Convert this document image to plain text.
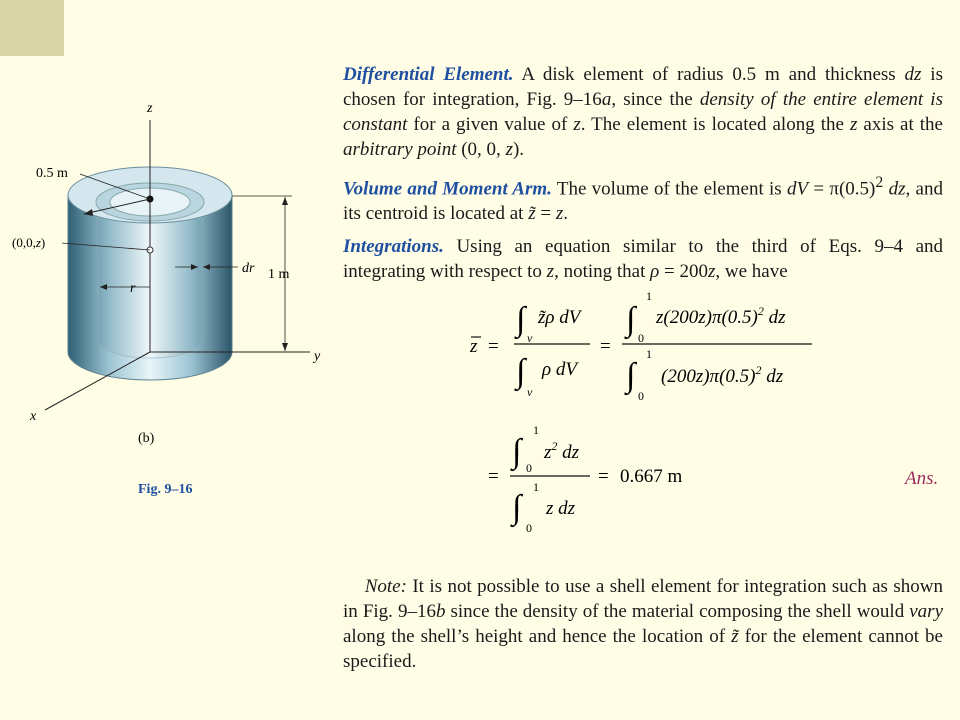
z
y
x
0.5 m
(0,0,z)
dr
r
1 m
(b)
Fig. 9–16

Differential Element. A disk element of radius 0.5 m and thickness dz is chosen for integration, Fig. 9–16a, since the density of the entire element is constant for a given value of z. The element is located along the z axis at the arbitrary point (0, 0, z).

Volume and Moment Arm. The volume of the element is dV = $\pi(0.5)^2$ dz, and its centroid is located at z̃ = z.

Integrations. Using an equation similar to the third of Eqs. 9–4 and integrating with respect to z, noting that ρ = 200z, we have

z =
∫ v
z̃ρ dV
∫
v
ρ dV
=
∫
1
0
$z(200z)\pi(0.5)^2$ dz
∫
1
0
$(200z)\pi(0.5)^2$ dz
=
∫
1
0
$z^2$ dz
∫
1
0
z dz
= 0.667 m	Ans.

Note: It is not possible to use a shell element for integration such as shown in Fig. 9–16b since the density of the material composing the shell would vary along the shell’s height and hence the location of z̃ for the element cannot be specified.
